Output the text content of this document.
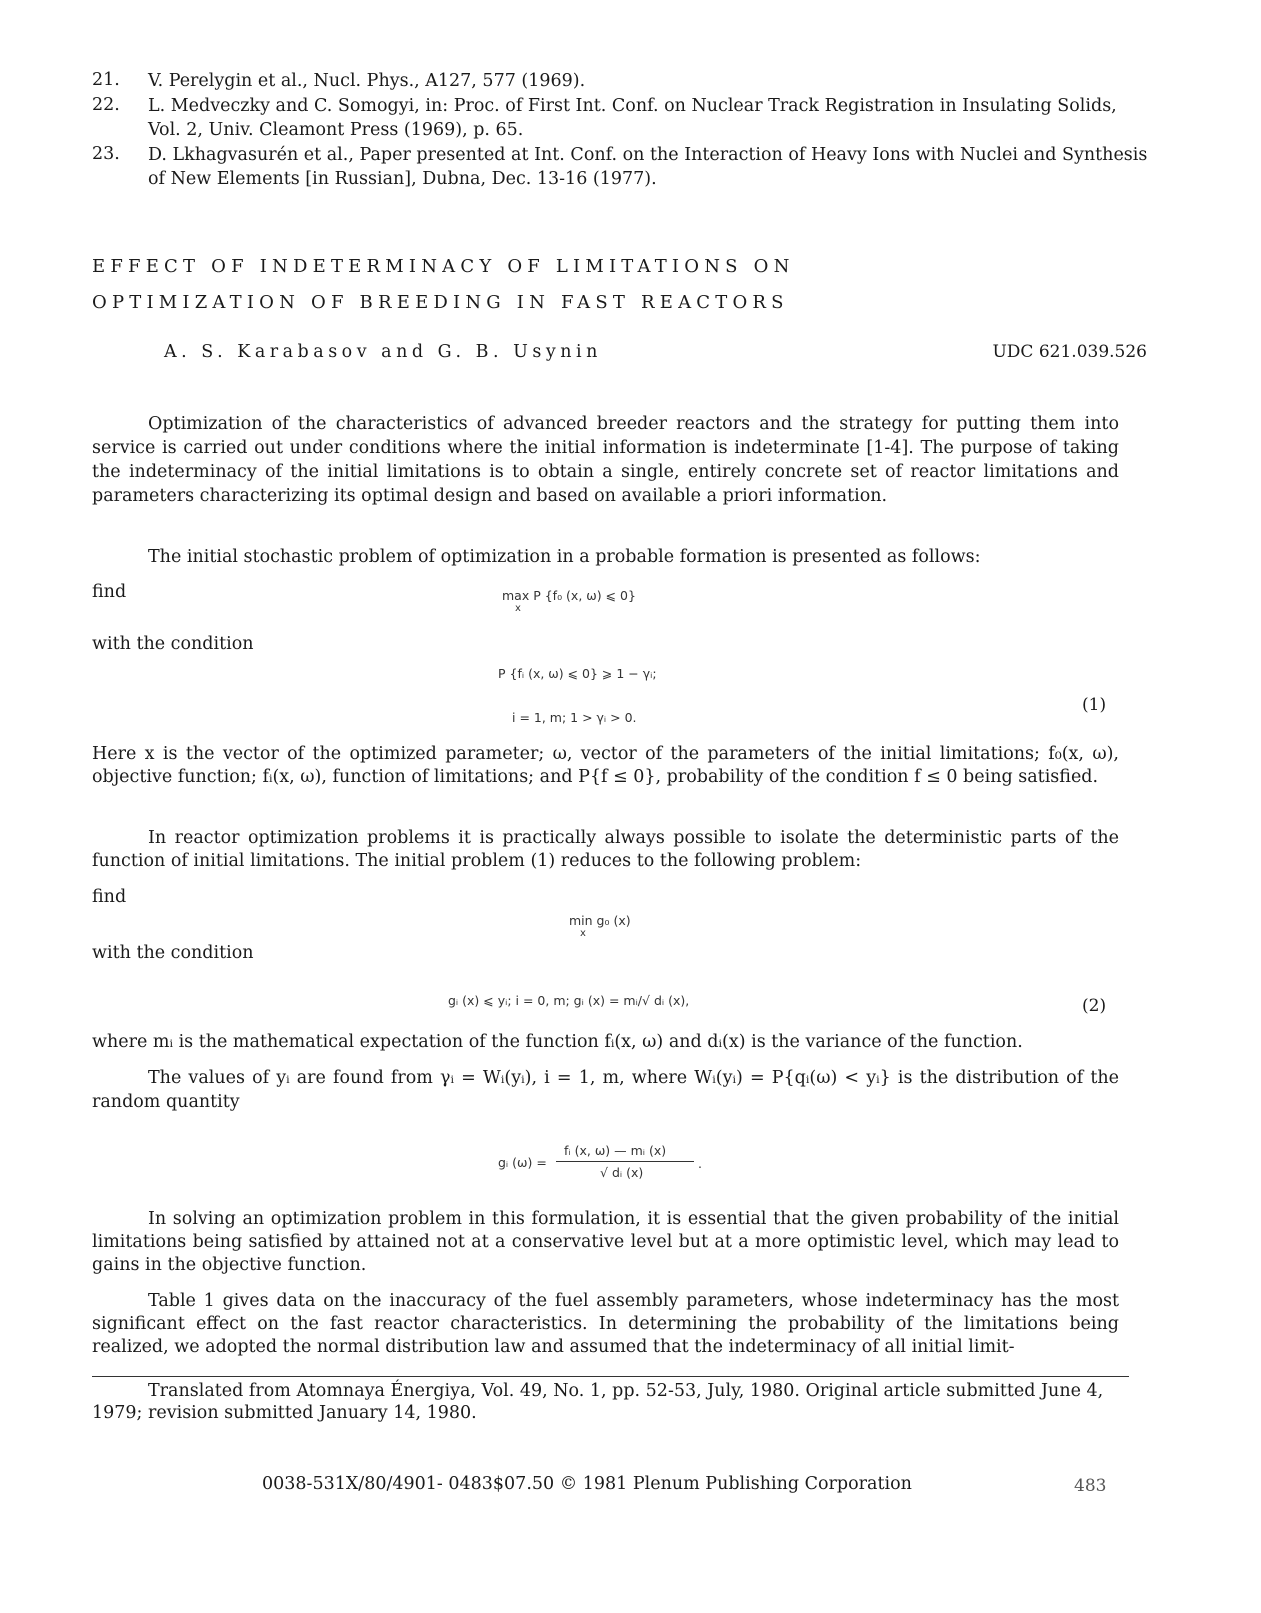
21. V. Perelygin et al., Nucl. Phys., A127, 577 (1969).
22. L. Medveczky and C. Somogyi, in: Proc. of First Int. Conf. on Nuclear Track Registration in Insulating Solids, Vol. 2, Univ. Cleamont Press (1969), p. 65.
23. D. Lkhagvasurén et al., Paper presented at Int. Conf. on the Interaction of Heavy Ions with Nuclei and Synthesis of New Elements [in Russian], Dubna, Dec. 13-16 (1977).
EFFECT OF INDETERMINACY OF LIMITATIONS ON
OPTIMIZATION OF BREEDING IN FAST REACTORS
A. S. Karabasov and G. B. Usynin	UDC 621.039.526
Optimization of the characteristics of advanced breeder reactors and the strategy for putting them into service is carried out under conditions where the initial information is indeterminate [1-4]. The purpose of taking the indeterminacy of the initial limitations is to obtain a single, entirely concrete set of reactor limitations and parameters characterizing its optimal design and based on available a priori information.
The initial stochastic problem of optimization in a probable formation is presented as follows:
find	max P {f₀ (x, ω) ⩽ 0}
x
with the condition
P {fᵢ (x, ω) ⩽ 0} ⩾ 1 − γᵢ;
i = 1, m; 1 > γᵢ > 0.
(1)
Here x is the vector of the optimized parameter; ω, vector of the parameters of the initial limitations; f₀(x, ω), objective function; fᵢ(x, ω), function of limitations; and P{f ≤ 0}, probability of the condition f ≤ 0 being satisfied.
In reactor optimization problems it is practically always possible to isolate the deterministic parts of the function of initial limitations. The initial problem (1) reduces to the following problem:
find
min g₀ (x)
x
with the condition
gᵢ (x) ⩽ yᵢ; i = 0, m; gᵢ (x) = mᵢ/√ dᵢ (x),	(2)
where mᵢ is the mathematical expectation of the function fᵢ(x, ω) and dᵢ(x) is the variance of the function.
The values of yᵢ are found from γᵢ = Wᵢ(yᵢ), i = 1, m, where Wᵢ(yᵢ) = P{qᵢ(ω) < yᵢ} is the distribution of the random quantity
gᵢ (ω) =
fᵢ (x, ω) — mᵢ (x)
√ dᵢ (x)
.
In solving an optimization problem in this formulation, it is essential that the given probability of the initial limitations being satisfied by attained not at a conservative level but at a more optimistic level, which may lead to gains in the objective function.
Table 1 gives data on the inaccuracy of the fuel assembly parameters, whose indeterminacy has the most significant effect on the fast reactor characteristics. In determining the probability of the limitations being realized, we adopted the normal distribution law and assumed that the indeterminacy of all initial limit-
Translated from Atomnaya Énergiya, Vol. 49, No. 1, pp. 52-53, July, 1980. Original article submitted June 4, 1979; revision submitted January 14, 1980.
0038-531X/80/4901- 0483$07.50 © 1981 Plenum Publishing Corporation	483
